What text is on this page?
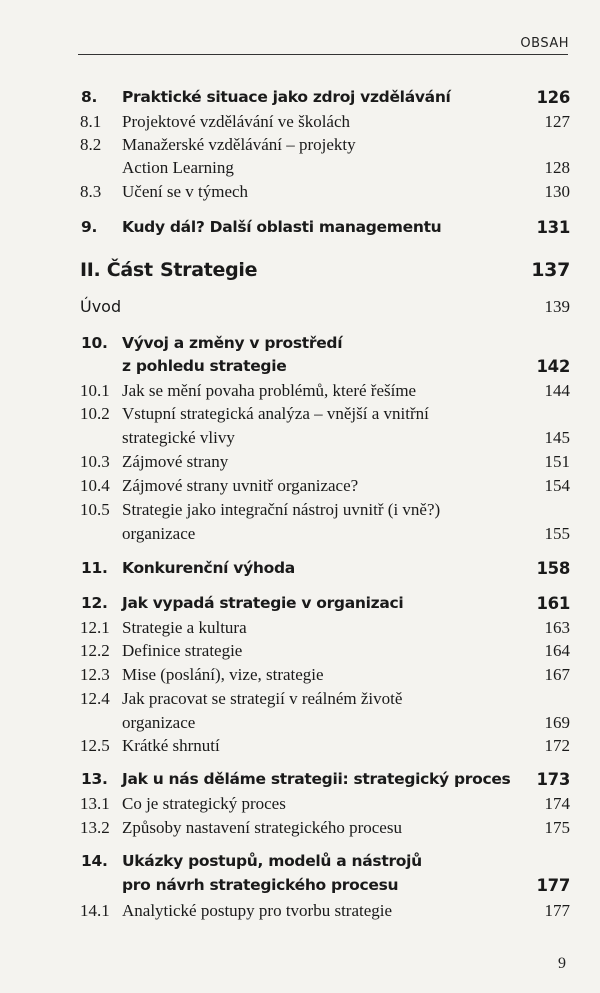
OBSAH
8. Praktické situace jako zdroj vzdělávání	126
8.1 Projektové vzdělávání ve školách	127
8.2 Manažerské vzdělávání – projekty
Action Learning	128
8.3 Učení se v týmech	130
9. Kudy dál? Další oblasti managementu	131
II. Část Strategie	137
Úvod	139
10. Vývoj a změny v prostředí
z pohledu strategie	142
10.1 Jak se mění povaha problémů, které řešíme	144
10.2 Vstupní strategická analýza – vnější a vnitřní
strategické vlivy	145
10.3 Zájmové strany	151
10.4 Zájmové strany uvnitř organizace?	154
10.5 Strategie jako integrační nástroj uvnitř (i vně?)
organizace	155
11. Konkurenční výhoda	158
12. Jak vypadá strategie v organizaci	161
12.1 Strategie a kultura	163
12.2 Definice strategie	164
12.3 Mise (poslání), vize, strategie	167
12.4 Jak pracovat se strategií v reálném životě
organizace	169
12.5 Krátké shrnutí	172
13. Jak u nás děláme strategii: strategický proces 173
13.1 Co je strategický proces	174
13.2 Způsoby nastavení strategického procesu	175
14. Ukázky postupů, modelů a nástrojů
pro návrh strategického procesu	177
14.1 Analytické postupy pro tvorbu strategie	177
9
